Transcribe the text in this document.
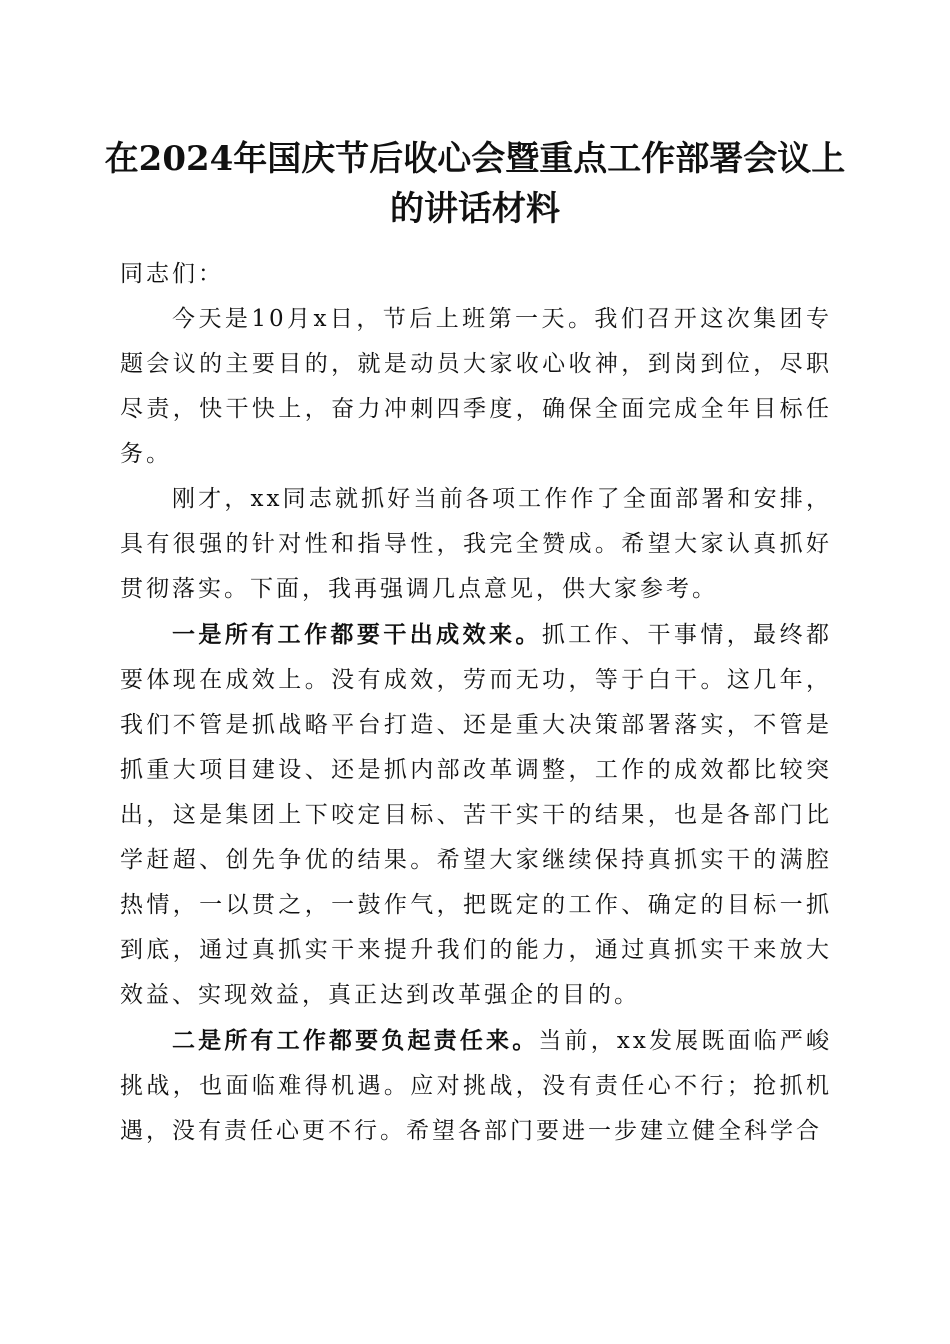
在2024年国庆节后收心会暨重点工作部署会议上的讲话材料

同志们：

今天是10月x日，节后上班第一天。我们召开这次集团专题会议的主要目的，就是动员大家收心收神，到岗到位，尽职尽责，快干快上，奋力冲刺四季度，确保全面完成全年目标任务。

刚才，xx同志就抓好当前各项工作作了全面部署和安排，具有很强的针对性和指导性，我完全赞成。希望大家认真抓好贯彻落实。下面，我再强调几点意见，供大家参考。

一是所有工作都要干出成效来。抓工作、干事情，最终都要体现在成效上。没有成效，劳而无功，等于白干。这几年，我们不管是抓战略平台打造、还是重大决策部署落实，不管是抓重大项目建设、还是抓内部改革调整，工作的成效都比较突出，这是集团上下咬定目标、苦干实干的结果，也是各部门比学赶超、创先争优的结果。希望大家继续保持真抓实干的满腔热情，一以贯之，一鼓作气，把既定的工作、确定的目标一抓到底，通过真抓实干来提升我们的能力，通过真抓实干来放大效益、实现效益，真正达到改革强企的目的。

二是所有工作都要负起责任来。当前，xx发展既面临严峻挑战，也面临难得机遇。应对挑战，没有责任心不行；抢抓机遇，没有责任心更不行。希望各部门要进一步建立健全科学合
